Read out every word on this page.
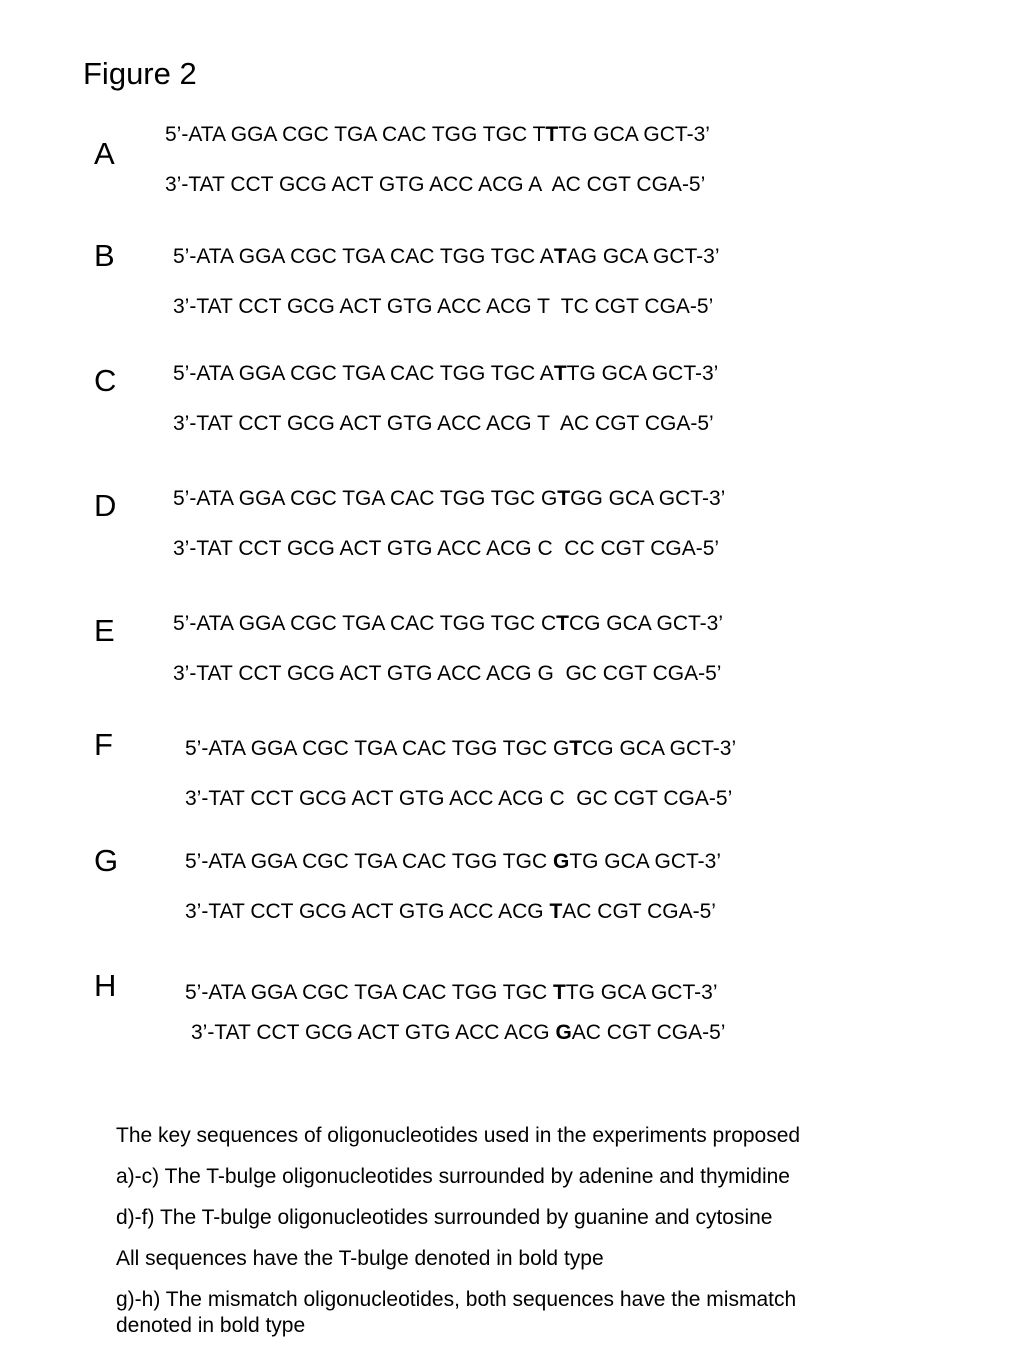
Figure 2
A
5’-ATA GGA CGC TGA CAC TGG TGC TTTG GCA GCT-3’
3’-TAT CCT GCG ACT GTG ACC ACG A  AC CGT CGA-5’
B	5’-ATA GGA CGC TGA CAC TGG TGC ATAG GCA GCT-3’
3’-TAT CCT GCG ACT GTG ACC ACG T  TC CGT CGA-5’
C	5’-ATA GGA CGC TGA CAC TGG TGC ATTG GCA GCT-3’
3’-TAT CCT GCG ACT GTG ACC ACG T  AC CGT CGA-5’
D	5’-ATA GGA CGC TGA CAC TGG TGC GTGG GCA GCT-3’
3’-TAT CCT GCG ACT GTG ACC ACG C  CC CGT CGA-5’
E	5’-ATA GGA CGC TGA CAC TGG TGC CTCG GCA GCT-3’
3’-TAT CCT GCG ACT GTG ACC ACG G  GC CGT CGA-5’
F	5’-ATA GGA CGC TGA CAC TGG TGC GTCG GCA GCT-3’
3’-TAT CCT GCG ACT GTG ACC ACG C  GC CGT CGA-5’
G	5’-ATA GGA CGC TGA CAC TGG TGC GTG GCA GCT-3’
3’-TAT CCT GCG ACT GTG ACC ACG TAC CGT CGA-5’
H	5’-ATA GGA CGC TGA CAC TGG TGC TTG GCA GCT-3’
3’-TAT CCT GCG ACT GTG ACC ACG GAC CGT CGA-5’
The key sequences of oligonucleotides used in the experiments proposed
a)-c) The T-bulge oligonucleotides surrounded by adenine and thymidine
d)-f) The T-bulge oligonucleotides surrounded by guanine and cytosine
All sequences have the T-bulge denoted in bold type
g)-h) The mismatch oligonucleotides, both sequences have the mismatch denoted in bold type
